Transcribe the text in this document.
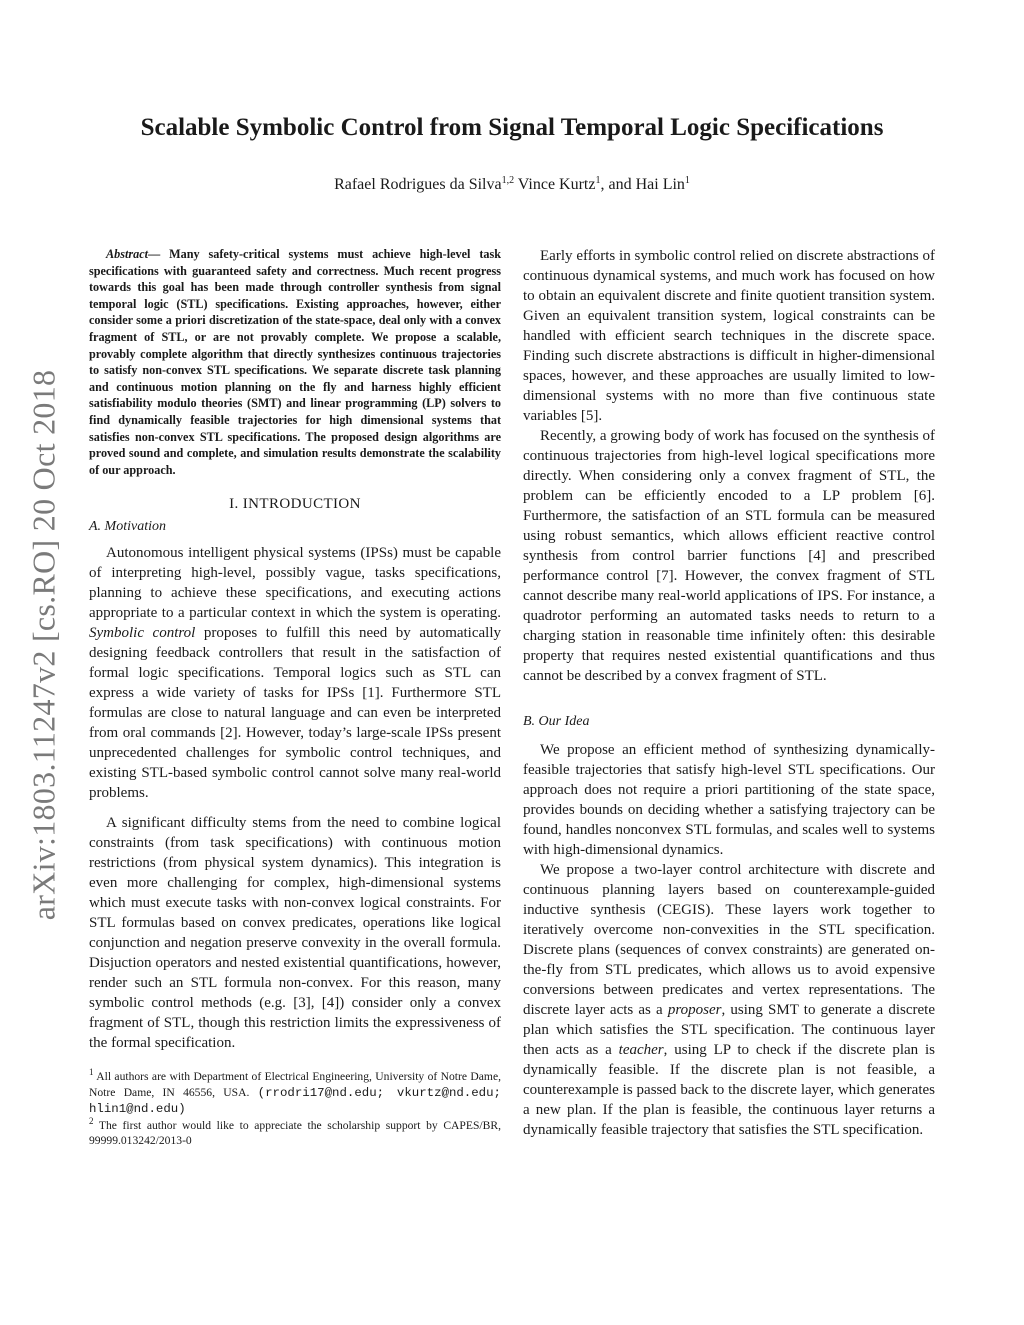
arXiv:1803.11247v2 [cs.RO] 20 Oct 2018
Scalable Symbolic Control from Signal Temporal Logic Specifications
Rafael Rodrigues da Silva$^{1,2}$ Vince Kurtz$^1$, and Hai Lin$^1$

Abstract— Many safety-critical systems must achieve high-level task specifications with guaranteed safety and correctness. Much recent progress towards this goal has been made through controller synthesis from signal temporal logic (STL) specifications. Existing approaches, however, either consider some a priori discretization of the state-space, deal only with a convex fragment of STL, or are not provably complete. We propose a scalable, provably complete algorithm that directly synthesizes continuous trajectories to satisfy non-convex STL specifications. We separate discrete task planning and continuous motion planning on the fly and harness highly efficient satisfiability modulo theories (SMT) and linear programming (LP) solvers to find dynamically feasible trajectories for high dimensional systems that satisfies non-convex STL specifications. The proposed design algorithms are proved sound and complete, and simulation results demonstrate the scalability of our approach.

I. INTRODUCTION
A. Motivation

Autonomous intelligent physical systems (IPSs) must be capable of interpreting high-level, possibly vague, tasks specifications, planning to achieve these specifications, and executing actions appropriate to a particular context in which the system is operating. Symbolic control proposes to fulfill this need by automatically designing feedback controllers that result in the satisfaction of formal logic specifications. Temporal logics such as STL can express a wide variety of tasks for IPSs [1]. Furthermore STL formulas are close to natural language and can even be interpreted from oral commands [2]. However, today’s large-scale IPSs present unprecedented challenges for symbolic control techniques, and existing STL-based symbolic control cannot solve many real-world problems.

A significant difficulty stems from the need to combine logical constraints (from task specifications) with continuous motion restrictions (from physical system dynamics). This integration is even more challenging for complex, high-dimensional systems which must execute tasks with non-convex logical constraints. For STL formulas based on convex predicates, operations like logical conjunction and negation preserve convexity in the overall formula. Disjuction operators and nested existential quantifications, however, render such an STL formula non-convex. For this reason, many symbolic control methods (e.g. [3], [4]) consider only a convex fragment of STL, though this restriction limits the expressiveness of the formal specification.

$^1$ All authors are with Department of Electrical Engineering, University of Notre Dame, Notre Dame, IN 46556, USA. (rrodri17@nd.edu; vkurtz@nd.edu; hlin1@nd.edu)
$^2$ The first author would like to appreciate the scholarship support by CAPES/BR, 99999.013242/2013-0

Early efforts in symbolic control relied on discrete abstractions of continuous dynamical systems, and much work has focused on how to obtain an equivalent discrete and finite quotient transition system. Given an equivalent transition system, logical constraints can be handled with efficient search techniques in the discrete space. Finding such discrete abstractions is difficult in higher-dimensional spaces, however, and these approaches are usually limited to low-dimensional systems with no more than five continuous state variables [5].

Recently, a growing body of work has focused on the synthesis of continuous trajectories from high-level logical specifications more directly. When considering only a convex fragment of STL, the problem can be efficiently encoded to a LP problem [6]. Furthermore, the satisfaction of an STL formula can be measured using robust semantics, which allows efficient reactive control synthesis from control barrier functions [4] and prescribed performance control [7]. However, the convex fragment of STL cannot describe many real-world applications of IPS. For instance, a quadrotor performing an automated tasks needs to return to a charging station in reasonable time infinitely often: this desirable property that requires nested existential quantifications and thus cannot be described by a convex fragment of STL.

B. Our Idea

We propose an efficient method of synthesizing dynamically-feasible trajectories that satisfy high-level STL specifications. Our approach does not require a priori partitioning of the state space, provides bounds on deciding whether a satisfying trajectory can be found, handles nonconvex STL formulas, and scales well to systems with high-dimensional dynamics.

We propose a two-layer control architecture with discrete and continuous planning layers based on counterexample-guided inductive synthesis (CEGIS). These layers work together to iteratively overcome non-convexities in the STL specification. Discrete plans (sequences of convex constraints) are generated on-the-fly from STL predicates, which allows us to avoid expensive conversions between predicates and vertex representations. The discrete layer acts as a proposer, using SMT to generate a discrete plan which satisfies the STL specification. The continuous layer then acts as a teacher, using LP to check if the discrete plan is dynamically feasible. If the discrete plan is not feasible, a counterexample is passed back to the discrete layer, which generates a new plan. If the plan is feasible, the continuous layer returns a dynamically feasible trajectory that satisfies the STL specification.
